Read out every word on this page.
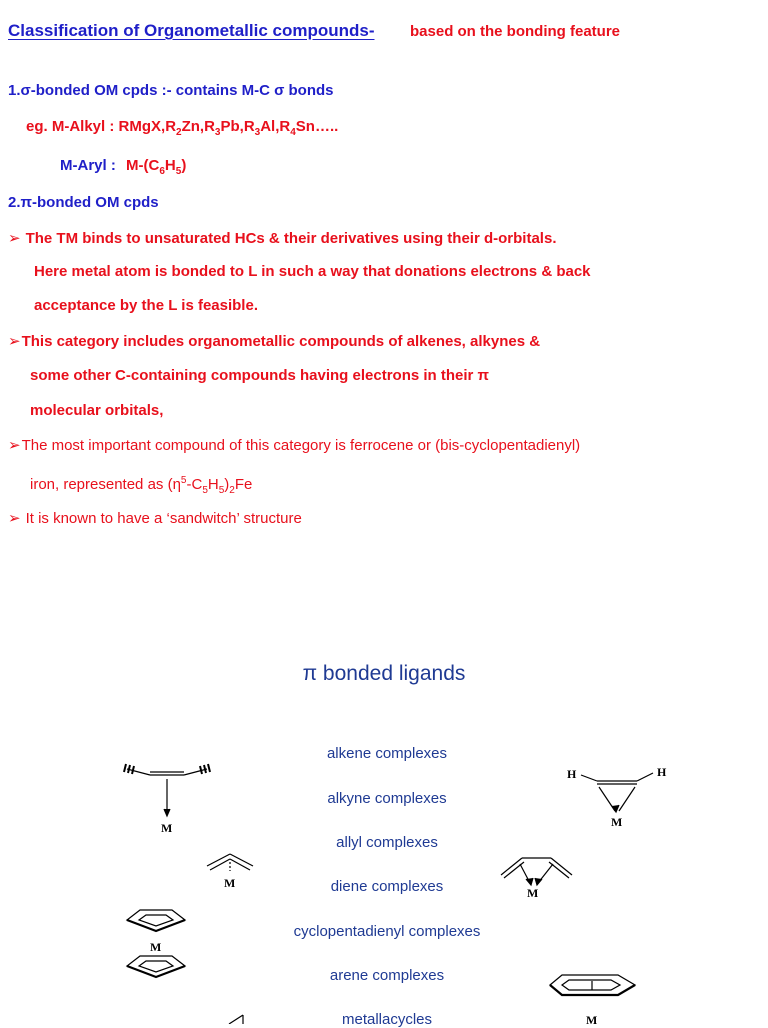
Classification of Organometallic compounds- based on the bonding feature
1.σ-bonded OM cpds :- contains M-C σ bonds
eg. M-Alkyl : $RMgX,R_2Zn,R_3Pb,R_3Al,R_4Sn\dots$..
M-Aryl : $M-(C_6H_5)$
2.π-bonded OM cpds
➢ The TM binds to unsaturated HCs & their derivatives using their d-orbitals.
Here metal atom is bonded to L in such a way that donations electrons & back
acceptance by the L is feasible.
➢This category includes organometallic compounds of alkenes, alkynes &
some other C-containing compounds having electrons in their π
molecular orbitals,
➢The most important compound of this category is ferrocene or (bis-cyclopentadienyl)
iron, represented as $(\eta^5-C_5H_5)_2Fe$
➢ It is known to have a ‘sandwitch’ structure
π bonded ligands
alkene complexes
alkyne complexes
allyl complexes
diene complexes
cyclopentadienyl complexes
arene complexes
metallacycles
M
H	H
M
M
M
M
M
